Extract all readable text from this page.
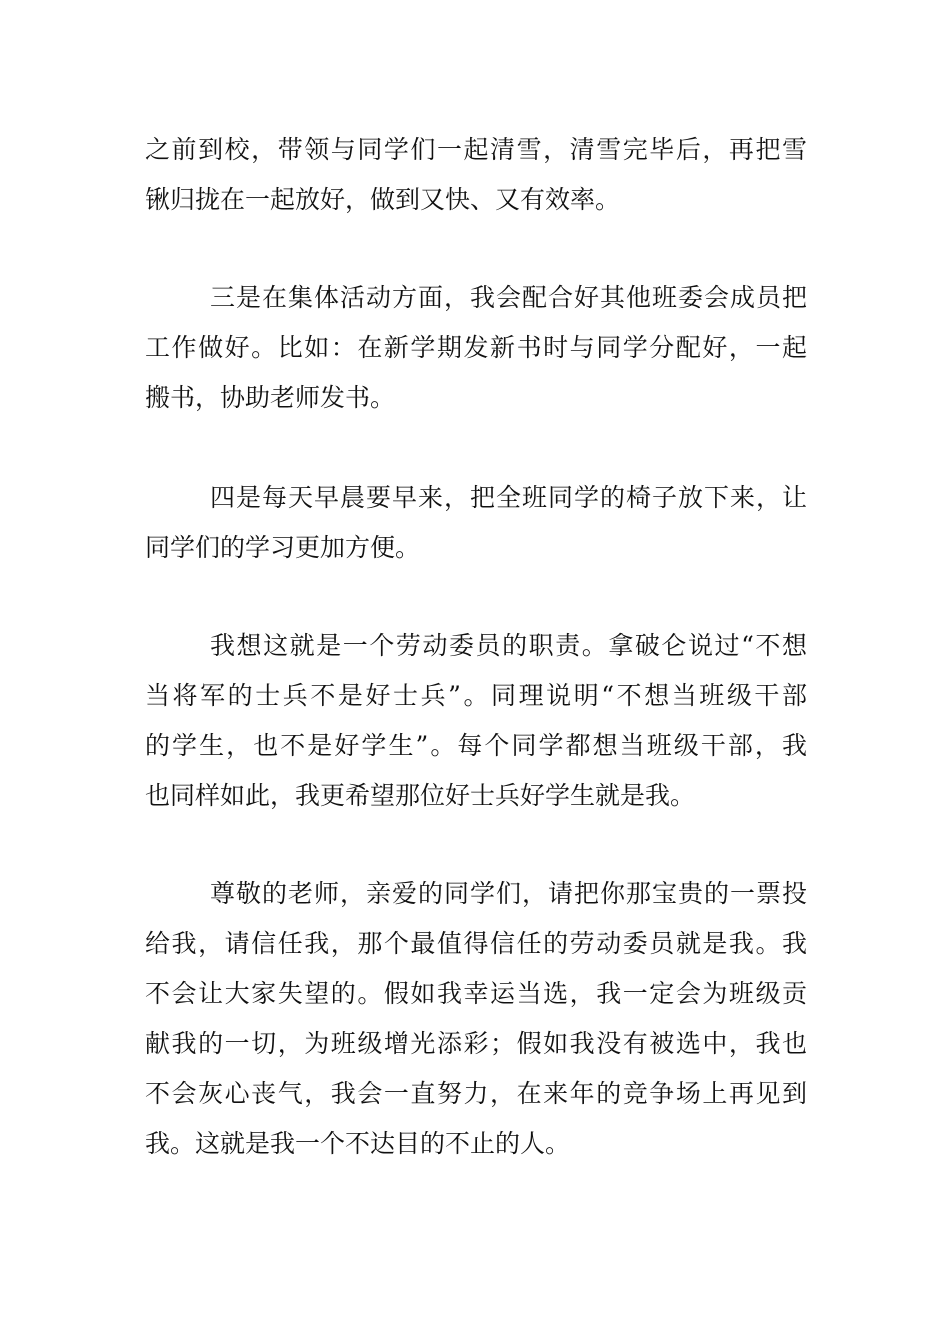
之前到校，带领与同学们一起清雪，清雪完毕后，再把雪
锹归拢在一起放好，做到又快、又有效率。
三是在集体活动方面，我会配合好其他班委会成员把
工作做好。比如：在新学期发新书时与同学分配好，一起
搬书，协助老师发书。
四是每天早晨要早来，把全班同学的椅子放下来，让
同学们的学习更加方便。
我想这就是一个劳动委员的职责。拿破仑说过“不想
当将军的士兵不是好士兵”。同理说明“不想当班级干部
的学生，也不是好学生”。每个同学都想当班级干部，我
也同样如此，我更希望那位好士兵好学生就是我。
尊敬的老师，亲爱的同学们，请把你那宝贵的一票投
给我，请信任我，那个最值得信任的劳动委员就是我。我
不会让大家失望的。假如我幸运当选，我一定会为班级贡
献我的一切，为班级增光添彩；假如我没有被选中，我也
不会灰心丧气，我会一直努力，在来年的竞争场上再见到
我。这就是我一个不达目的不止的人。
